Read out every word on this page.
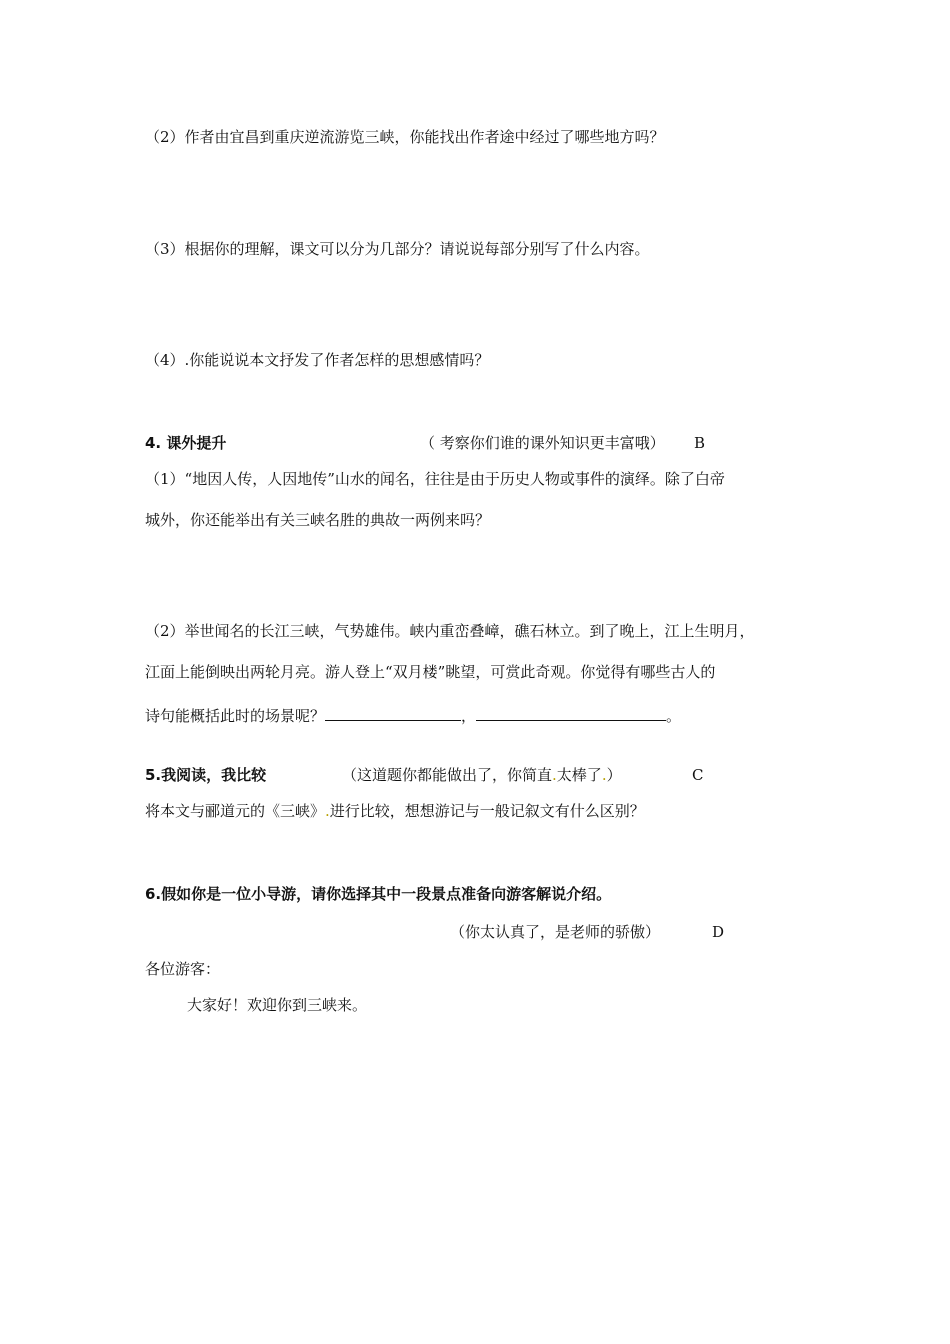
（2）作者由宜昌到重庆逆流游览三峡，你能找出作者途中经过了哪些地方吗？
（3）根据你的理解，课文可以分为几部分？请说说每部分别写了什么内容。
（4）.你能说说本文抒发了作者怎样的思想感情吗？
4. 课外提升	（ 考察你们谁的课外知识更丰富哦） B
（1）“地因人传，人因地传”山水的闻名，往往是由于历史人物或事件的演绎。除了白帝
城外，你还能举出有关三峡名胜的典故一两例来吗？
（2）举世闻名的长江三峡，气势雄伟。峡内重峦叠嶂，礁石林立。到了晚上，江上生明月，
江面上能倒映出两轮月亮。游人登上“双月楼”眺望，可赏此奇观。你觉得有哪些古人的
诗句能概括此时的场景呢？	，	。
5.我阅读，我比较	（这道题你都能做出了，你简直.太棒了.）	C
将本文与郦道元的《三峡》.进行比较，想想游记与一般记叙文有什么区别？
6.假如你是一位小导游，请你选择其中一段景点准备向游客解说介绍。
（你太认真了，是老师的骄傲）	D
各位游客：
大家好！欢迎你到三峡来。
